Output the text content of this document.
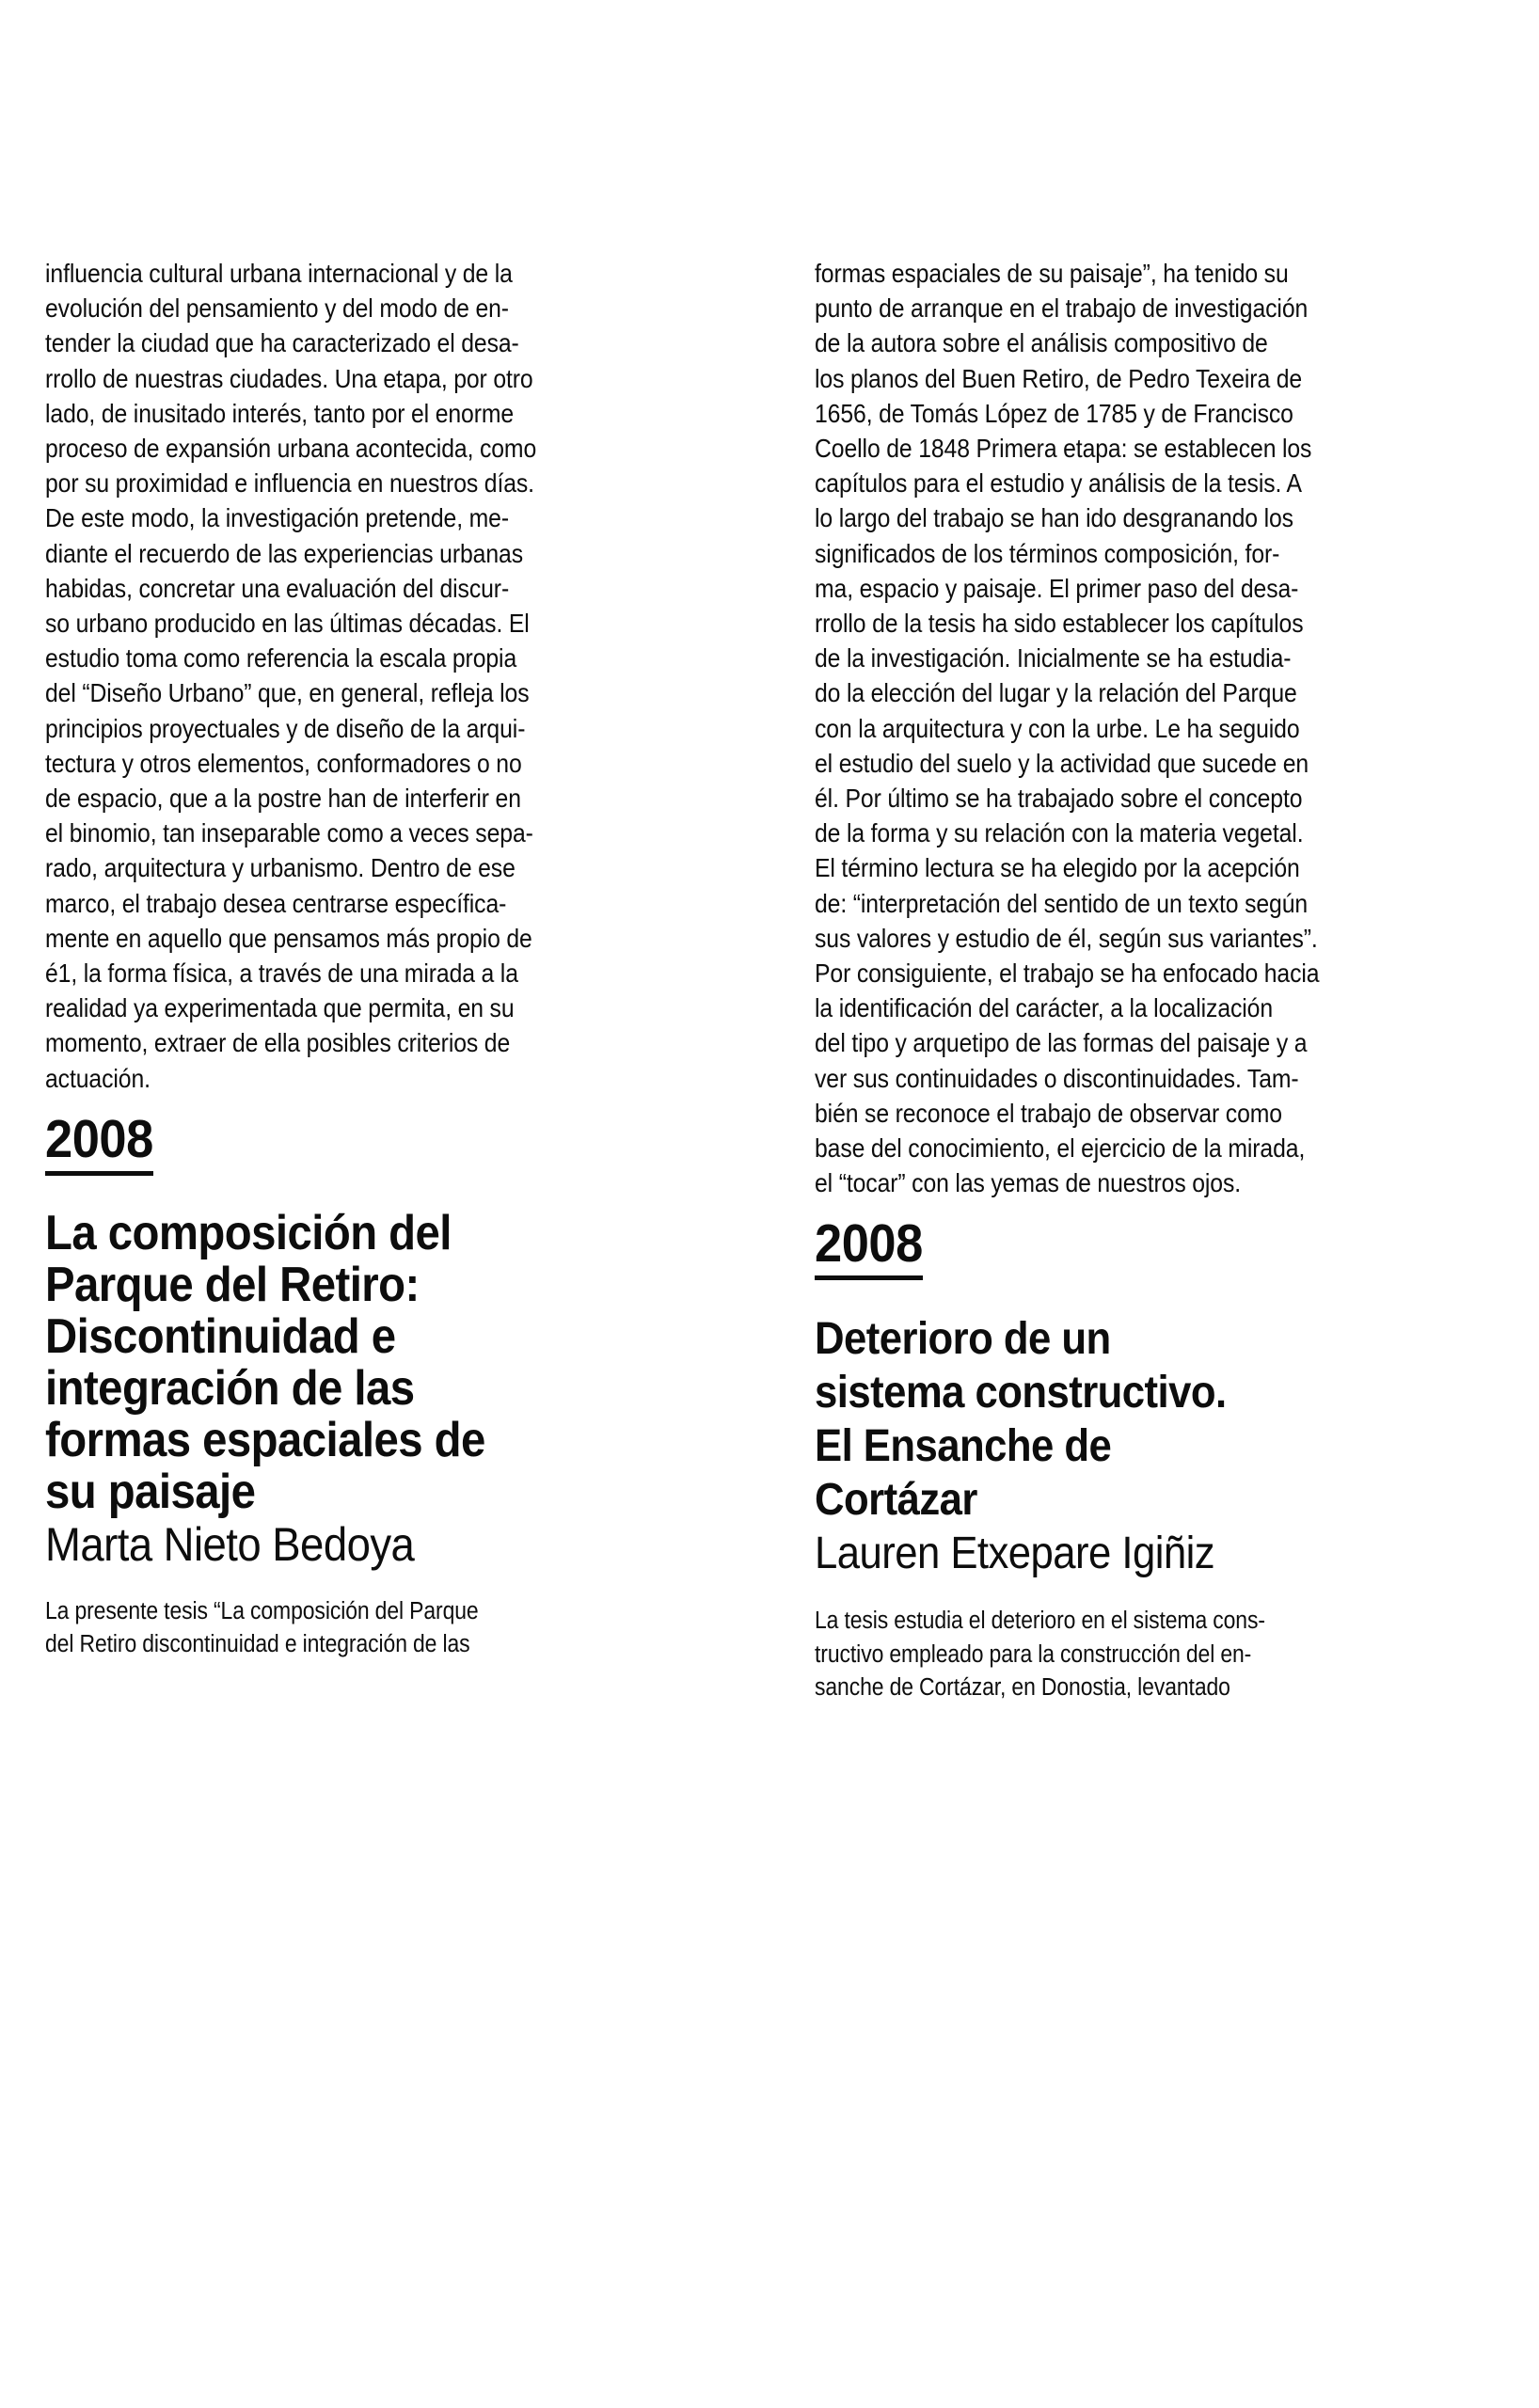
influencia cultural urbana internacional y de la
evolución del pensamiento y del modo de en-
tender la ciudad que ha caracterizado el desa-
rrollo de nuestras ciudades. Una etapa, por otro
lado, de inusitado interés, tanto por el enorme
proceso de expansión urbana acontecida, como
por su proximidad e influencia en nuestros días.
De este modo, la investigación pretende, me-
diante el recuerdo de las experiencias urbanas
habidas, concretar una evaluación del discur-
so urbano producido en las últimas décadas. El
estudio toma como referencia la escala propia
del “Diseño Urbano” que, en general, refleja los
principios proyectuales y de diseño de la arqui-
tectura y otros elementos, conformadores o no
de espacio, que a la postre han de interferir en
el binomio, tan inseparable como a veces sepa-
rado, arquitectura y urbanismo. Dentro de ese
marco, el trabajo desea centrarse específica-
mente en aquello que pensamos más propio de
é1, la forma física, a través de una mirada a la
realidad ya experimentada que permita, en su
momento, extraer de ella posibles criterios de
actuación.

2008
La composición del
Parque del Retiro:
Discontinuidad e
integración de las
formas espaciales de
su paisaje
Marta Nieto Bedoya

La presente tesis “La composición del Parque
del Retiro discontinuidad e integración de las

formas espaciales de su paisaje”, ha tenido su
punto de arranque en el trabajo de investigación
de la autora sobre el análisis compositivo de
los planos del Buen Retiro, de Pedro Texeira de
1656, de Tomás López de 1785 y de Francisco
Coello de 1848 Primera etapa: se establecen los
capítulos para el estudio y análisis de la tesis. A
lo largo del trabajo se han ido desgranando los
significados de los términos composición, for-
ma, espacio y paisaje. El primer paso del desa-
rrollo de la tesis ha sido establecer los capítulos
de la investigación. Inicialmente se ha estudia-
do la elección del lugar y la relación del Parque
con la arquitectura y con la urbe. Le ha seguido
el estudio del suelo y la actividad que sucede en
él. Por último se ha trabajado sobre el concepto
de la forma y su relación con la materia vegetal.
El término lectura se ha elegido por la acepción
de: “interpretación del sentido de un texto según
sus valores y estudio de él, según sus variantes”.
Por consiguiente, el trabajo se ha enfocado hacia
la identificación del carácter, a la localización
del tipo y arquetipo de las formas del paisaje y a
ver sus continuidades o discontinuidades. Tam-
bién se reconoce el trabajo de observar como
base del conocimiento, el ejercicio de la mirada,
el “tocar” con las yemas de nuestros ojos.

2008
Deterioro de un
sistema constructivo.
El Ensanche de
Cortázar
Lauren Etxepare Igiñiz

La tesis estudia el deterioro en el sistema cons-
tructivo empleado para la construcción del en-
sanche de Cortázar, en Donostia, levantado
